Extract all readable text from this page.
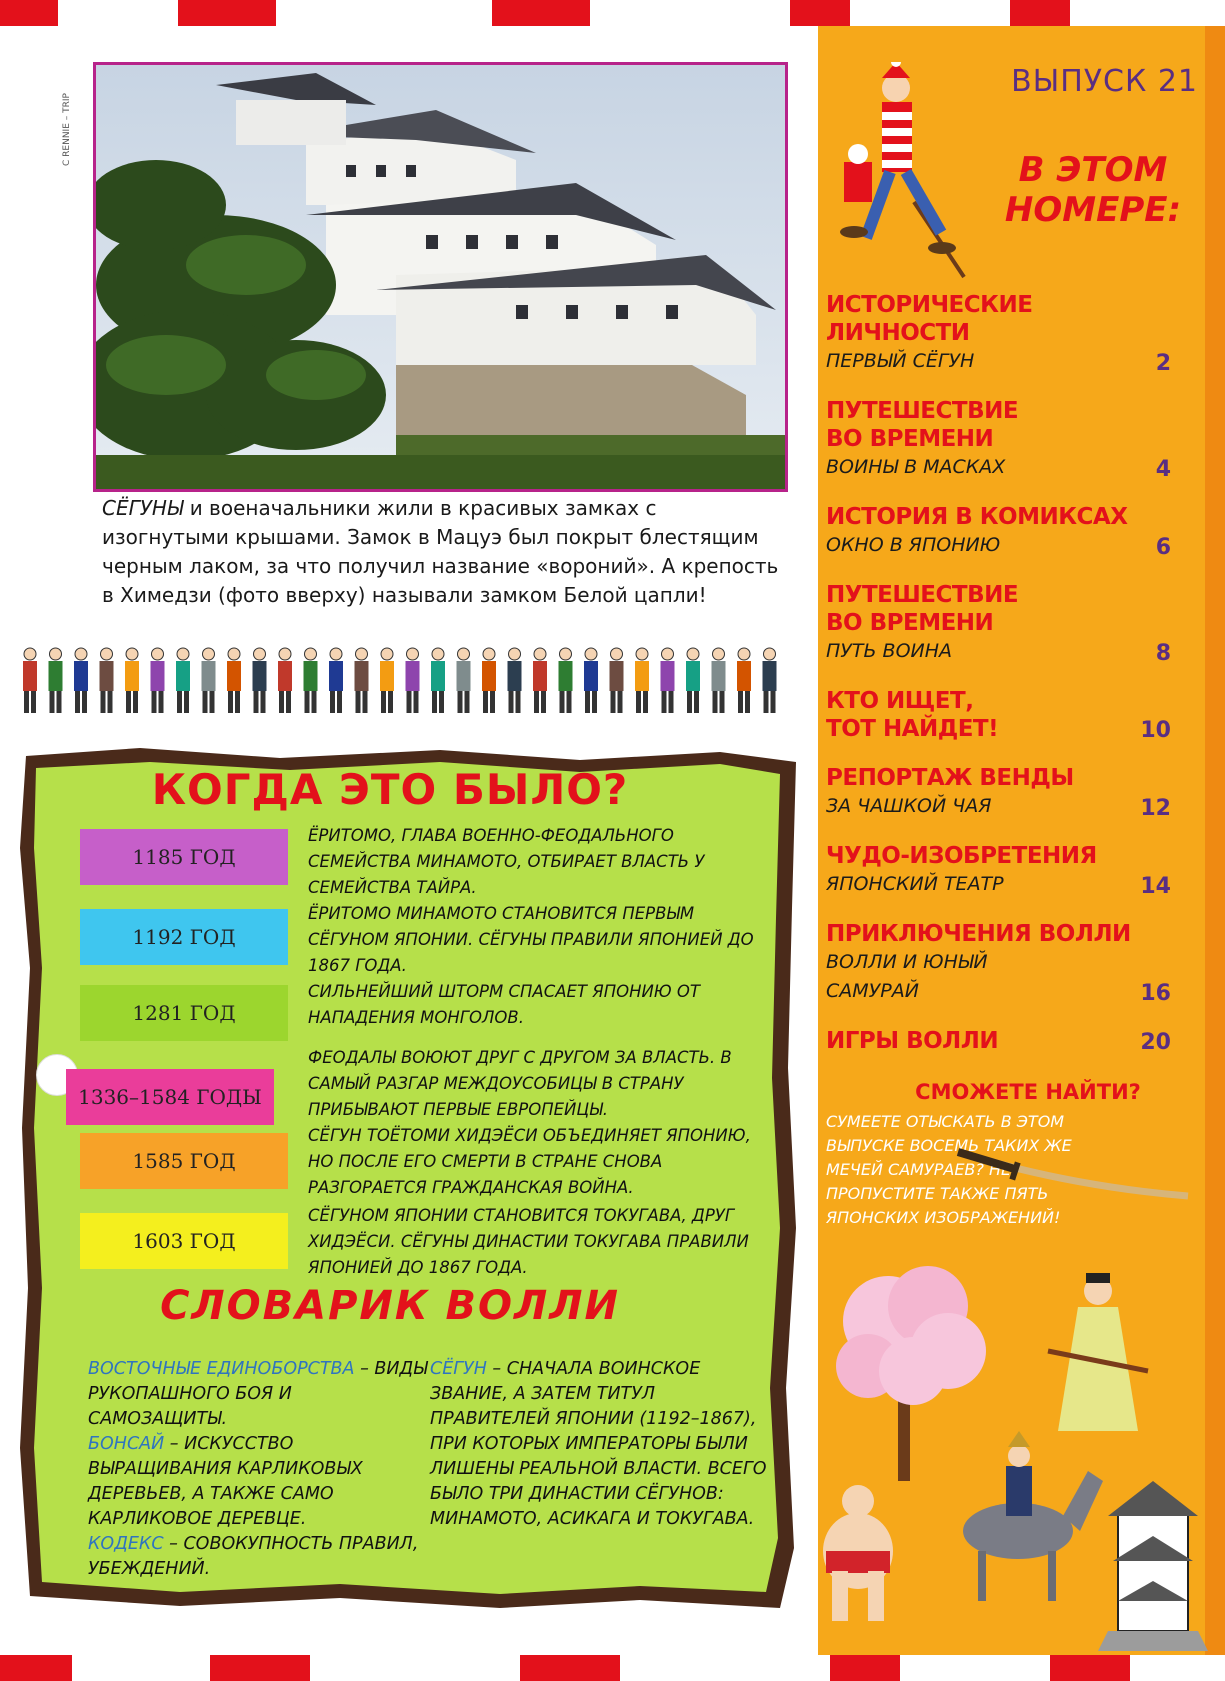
C RENNIE – TRIP

СЁГУНЫ и военачальники жили в красивых замках с изогнутыми крышами. Замок в Мацуэ был покрыт блестящим черным лаком, за что получил название «вороний». А крепость в Химедзи (фото вверху) называли замком Белой цапли!

КОГДА ЭТО БЫЛО?
1185 ГОД
ЁРИТОМО, ГЛАВА ВОЕННО-ФЕОДАЛЬНОГО СЕМЕЙСТВА МИНАМОТО, ОТБИРАЕТ ВЛАСТЬ У СЕМЕЙСТВА ТАЙРА.
1192 ГОД
ЁРИТОМО МИНАМОТО СТАНОВИТСЯ ПЕРВЫМ СЁГУНОМ ЯПОНИИ. СЁГУНЫ ПРАВИЛИ ЯПОНИЕЙ ДО 1867 ГОДА.
1281 ГОД
СИЛЬНЕЙШИЙ ШТОРМ СПАСАЕТ ЯПОНИЮ ОТ НАПАДЕНИЯ МОНГОЛОВ.
1336–1584 ГОДЫ
ФЕОДАЛЫ ВОЮЮТ ДРУГ С ДРУГОМ ЗА ВЛАСТЬ. В САМЫЙ РАЗГАР МЕЖДОУСОБИЦЫ В СТРАНУ ПРИБЫВАЮТ ПЕРВЫЕ ЕВРОПЕЙЦЫ.
1585 ГОД
СЁГУН ТОЁТОМИ ХИДЭЁСИ ОБЪЕДИНЯЕТ ЯПОНИЮ, НО ПОСЛЕ ЕГО СМЕРТИ В СТРАНЕ СНОВА РАЗГОРАЕТСЯ ГРАЖДАНСКАЯ ВОЙНА.
1603 ГОД
СЁГУНОМ ЯПОНИИ СТАНОВИТСЯ ТОКУГАВА, ДРУГ ХИДЭЁСИ. СЁГУНЫ ДИНАСТИИ ТОКУГАВА ПРАВИЛИ ЯПОНИЕЙ ДО 1867 ГОДА.
СЛОВАРИК ВОЛЛИ
ВОСТОЧНЫЕ ЕДИНОБОРСТВА – ВИДЫ РУКОПАШНОГО БОЯ И САМОЗАЩИТЫ.
БОНСАЙ – ИСКУССТВО ВЫРАЩИВАНИЯ КАРЛИКОВЫХ ДЕРЕВЬЕВ, А ТАКЖЕ САМО КАРЛИКОВОЕ ДЕРЕВЦЕ.
КОДЕКС – СОВОКУПНОСТЬ ПРАВИЛ, УБЕЖДЕНИЙ.
СЁГУН – СНАЧАЛА ВОИНСКОЕ ЗВАНИЕ, А ЗАТЕМ ТИТУЛ ПРАВИТЕЛЕЙ ЯПОНИИ (1192–1867), ПРИ КОТОРЫХ ИМПЕРАТОРЫ БЫЛИ ЛИШЕНЫ РЕАЛЬНОЙ ВЛАСТИ. ВСЕГО БЫЛО ТРИ ДИНАСТИИ СЁГУНОВ: МИНАМОТО, АСИКАГА И ТОКУГАВА.
ВЫПУСК 21
В ЭТОМ
НОМЕРЕ:
ИСТОРИЧЕСКИЕ ЛИЧНОСТИ
ПЕРВЫЙ СЁГУН	2
ПУТЕШЕСТВИЕ ВО ВРЕМЕНИ
ВОИНЫ В МАСКАХ	4
ИСТОРИЯ В КОМИКСАХ
ОКНО В ЯПОНИЮ	6
ПУТЕШЕСТВИЕ ВО ВРЕМЕНИ
ПУТЬ ВОИНА	8
КТО ИЩЕТ, ТОТ НАЙДЕТ!	10
РЕПОРТАЖ ВЕНДЫ
ЗА ЧАШКОЙ ЧАЯ	12
ЧУДО-ИЗОБРЕТЕНИЯ
ЯПОНСКИЙ ТЕАТР	14
ПРИКЛЮЧЕНИЯ ВОЛЛИ
ВОЛЛИ И ЮНЫЙ САМУРАЙ	16
ИГРЫ ВОЛЛИ	20
СМОЖЕТЕ НАЙТИ?
СУМЕЕТЕ ОТЫСКАТЬ В ЭТОМ ВЫПУСКЕ ВОСЕМЬ ТАКИХ ЖЕ МЕЧЕЙ САМУРАЕВ? НЕ ПРОПУСТИТЕ ТАКЖЕ ПЯТЬ ЯПОНСКИХ ИЗОБРАЖЕНИЙ!
